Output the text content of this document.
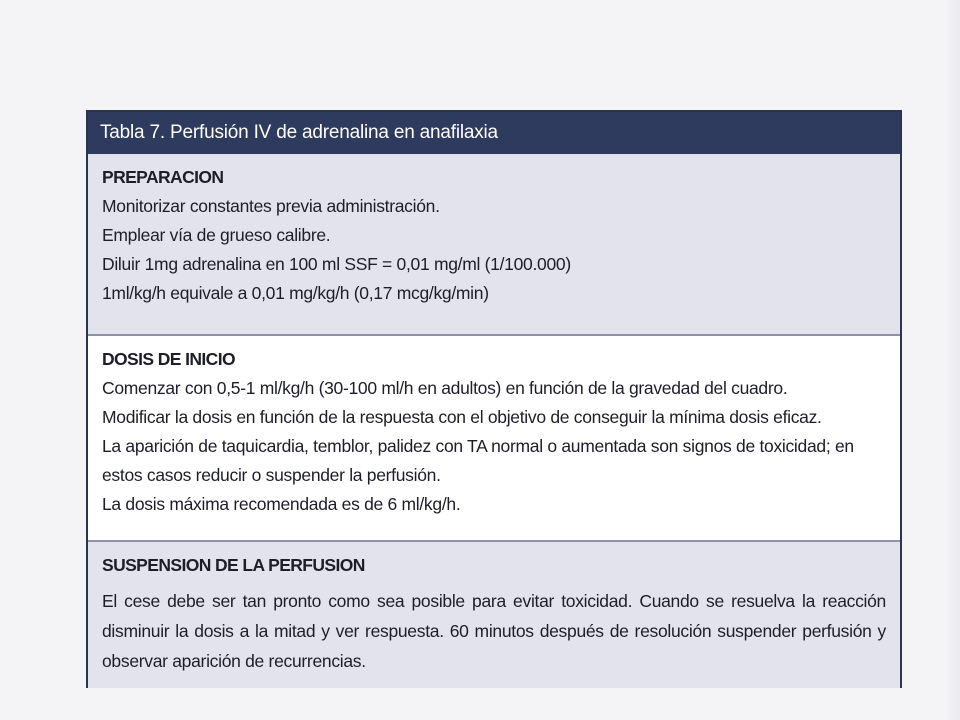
Tabla 7. Perfusión IV de adrenalina en anafilaxia
PREPARACION
Monitorizar constantes previa administración.
Emplear vía de grueso calibre.
Diluir 1mg adrenalina en 100 ml SSF = 0,01 mg/ml (1/100.000)
1ml/kg/h equivale a 0,01 mg/kg/h (0,17 mcg/kg/min)
DOSIS DE INICIO
Comenzar con 0,5-1 ml/kg/h (30-100 ml/h en adultos) en función de la gravedad del cuadro.
Modificar la dosis en función de la respuesta con el objetivo de conseguir la mínima dosis eficaz.
La aparición de taquicardia, temblor, palidez con TA normal o aumentada son signos de toxicidad; en estos casos reducir o suspender la perfusión.
La dosis máxima recomendada es de 6 ml/kg/h.
SUSPENSION DE LA PERFUSION
El cese debe ser tan pronto como sea posible para evitar toxicidad. Cuando se resuelva la reacción disminuir la dosis a la mitad y ver respuesta. 60 minutos después de resolución suspender perfusión y observar aparición de recurrencias.
